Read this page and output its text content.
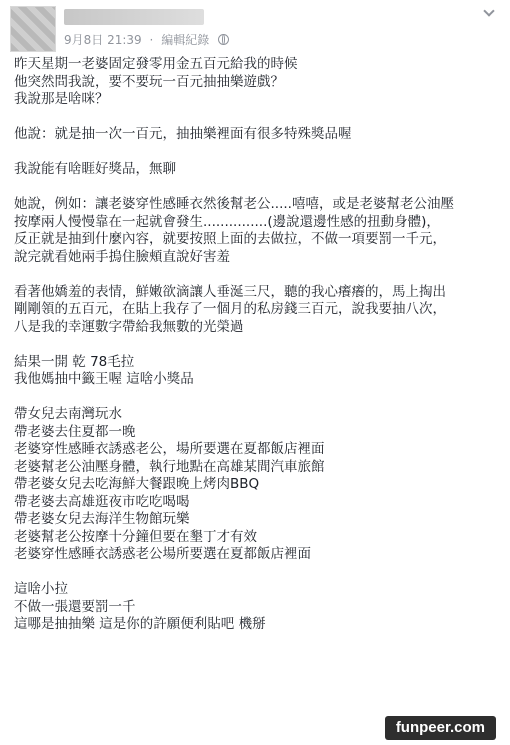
9月8日 21:39 · 編輯紀錄

昨天星期一老婆固定發零用金五百元給我的時候

他突然問我說，要不要玩一百元抽抽樂遊戲？

我說那是啥咪？

他說：就是抽一次一百元，抽抽樂裡面有很多特殊獎品喔

我說能有啥睚好獎品，無聊

她說，例如：讓老婆穿性感睡衣然後幫老公.....嘻嘻，或是老婆幫老公油壓

按摩兩人慢慢靠在一起就會發生...............(邊說還邊性感的扭動身體)，

反正就是抽到什麼內容，就要按照上面的去做拉，不做一項要罰一千元，

說完就看她兩手摀住臉頰直說好害羞

看著他嬌羞的表情，鮮嫩欲滴讓人垂涎三尺，聽的我心癢癢的，馬上掏出

剛剛領的五百元，在貼上我存了一個月的私房錢三百元，說我要抽八次，

八是我的幸運數字帶給我無數的光榮過

結果一開 乾 78毛拉

我他媽抽中籤王喔 這啥小獎品

帶女兒去南灣玩水

帶老婆去住夏都一晚

老婆穿性感睡衣誘惑老公，場所要選在夏都飯店裡面

老婆幫老公油壓身體，執行地點在高雄某間汽車旅館

帶老婆女兒去吃海鮮大餐跟晚上烤肉BBQ

帶老婆去高雄逛夜市吃吃喝喝

帶老婆女兒去海洋生物館玩樂

老婆幫老公按摩十分鐘但要在墾丁才有效

老婆穿性感睡衣誘惑老公場所要選在夏都飯店裡面

這啥小拉

不做一張還要罰一千

這哪是抽抽樂 這是你的許願便利貼吧 機掰

funpeer.com
